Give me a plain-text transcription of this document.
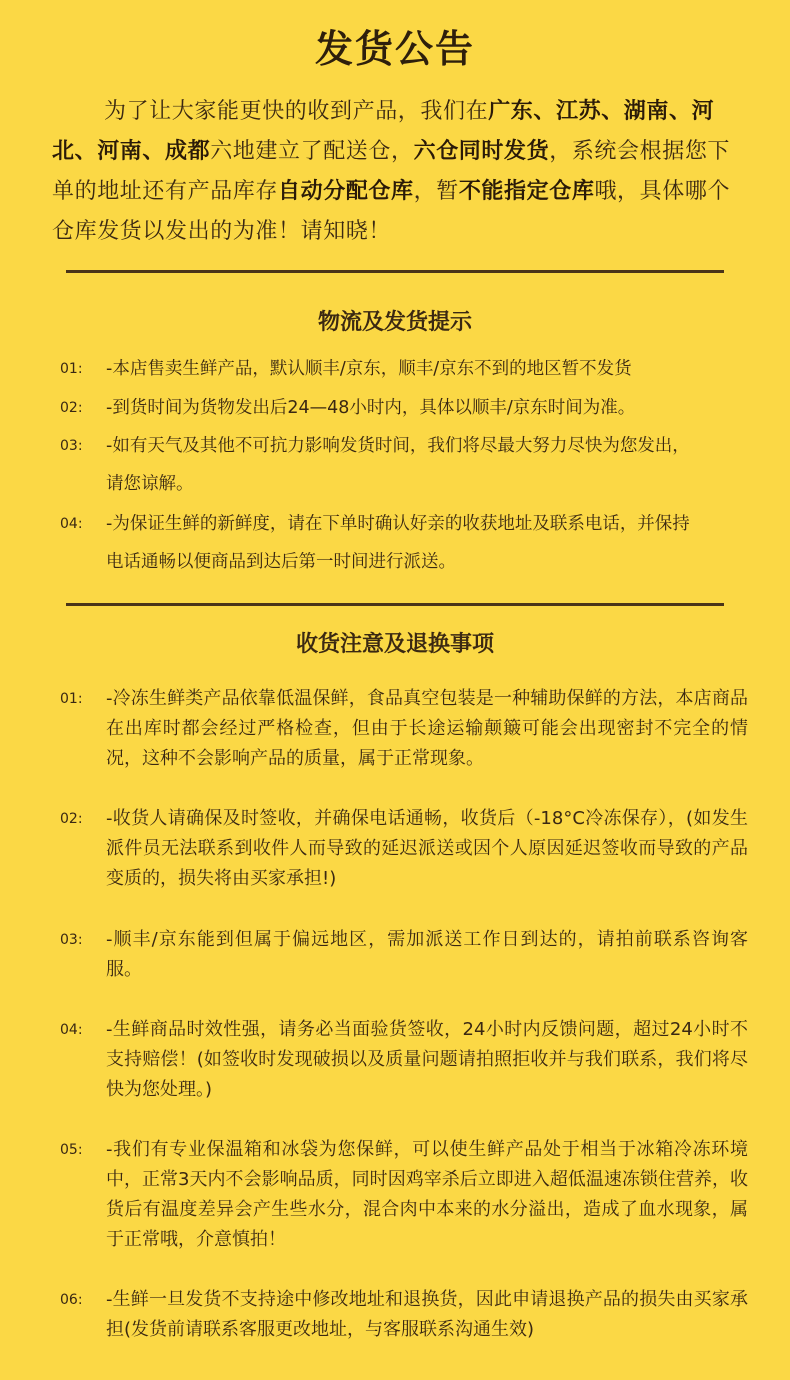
发货公告
为了让大家能更快的收到产品，我们在广东、江苏、湖南、河北、河南、成都六地建立了配送仓，六仓同时发货，系统会根据您下单的地址还有产品库存自动分配仓库，暂不能指定仓库哦，具体哪个仓库发货以发出的为准！请知晓！
物流及发货提示
01: -本店售卖生鲜产品，默认顺丰/京东，顺丰/京东不到的地区暂不发货
02: -到货时间为货物发出后24—48小时内，具体以顺丰/京东时间为准。
03: -如有天气及其他不可抗力影响发货时间，我们将尽最大努力尽快为您发出，请您谅解。
04: -为保证生鲜的新鲜度，请在下单时确认好亲的收获地址及联系电话，并保持电话通畅以便商品到达后第一时间进行派送。
收货注意及退换事项
01: -冷冻生鲜类产品依靠低温保鲜，食品真空包装是一种辅助保鲜的方法，本店商品在出库时都会经过严格检查，但由于长途运输颠簸可能会出现密封不完全的情况，这种不会影响产品的质量，属于正常现象。
02: -收货人请确保及时签收，并确保电话通畅，收货后（-18°C冷冻保存），(如发生派件员无法联系到收件人而导致的延迟派送或因个人原因延迟签收而导致的产品变质的，损失将由买家承担!)
03: -顺丰/京东能到但属于偏远地区，需加派送工作日到达的，请拍前联系咨询客服。
04: -生鲜商品时效性强，请务必当面验货签收，24小时内反馈问题，超过24小时不支持赔偿！(如签收时发现破损以及质量问题请拍照拒收并与我们联系，我们将尽快为您处理。)
05: -我们有专业保温箱和冰袋为您保鲜，可以使生鲜产品处于相当于冰箱冷冻环境中，正常3天内不会影响品质，同时因鸡宰杀后立即进入超低温速冻锁住营养，收货后有温度差异会产生些水分，混合肉中本来的水分溢出，造成了血水现象，属于正常哦，介意慎拍！
06: -生鲜一旦发货不支持途中修改地址和退换货，因此申请退换产品的损失由买家承担(发货前请联系客服更改地址，与客服联系沟通生效)
